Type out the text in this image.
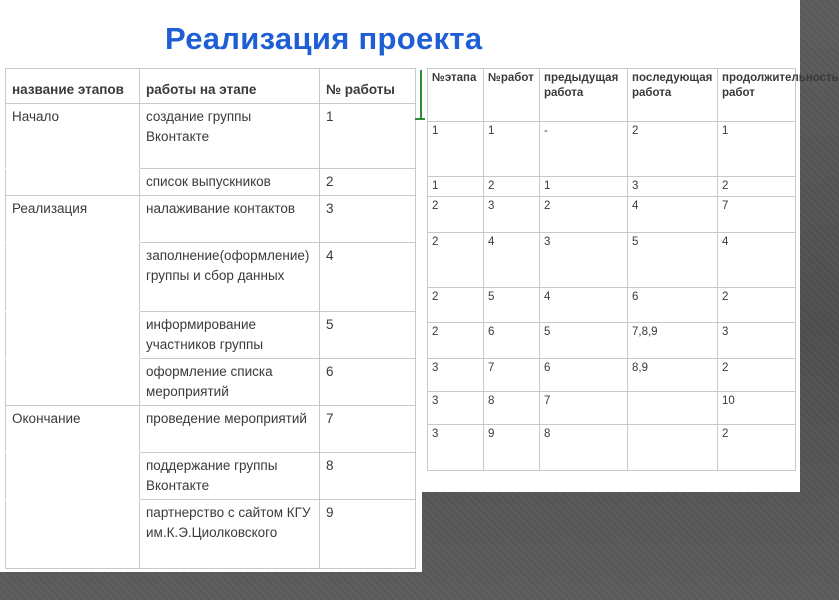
Реализация проекта
название этапов	работы на этапе	№ работы
Начало	создание группы Вконтакте	1
	список выпускников	2
Реализация	налаживание контактов	3
	заполнение(оформление) группы и сбор данных	4
	информирование участников группы	5
	оформление списка мероприятий	6
Окончание	проведение мероприятий	7
	поддержание группы Вконтакте	8
	партнерство с сайтом КГУ им.К.Э.Циолковского	9
№этапа	№работ	предыдущая работа	последующая работа	продолжительность работ
1	1	-	2	1
1	2	1	3	2
2	3	2	4	7
2	4	3	5	4
2	5	4	6	2
2	6	5	7,8,9	3
3	7	6	8,9	2
3	8	7		10
3	9	8		2
